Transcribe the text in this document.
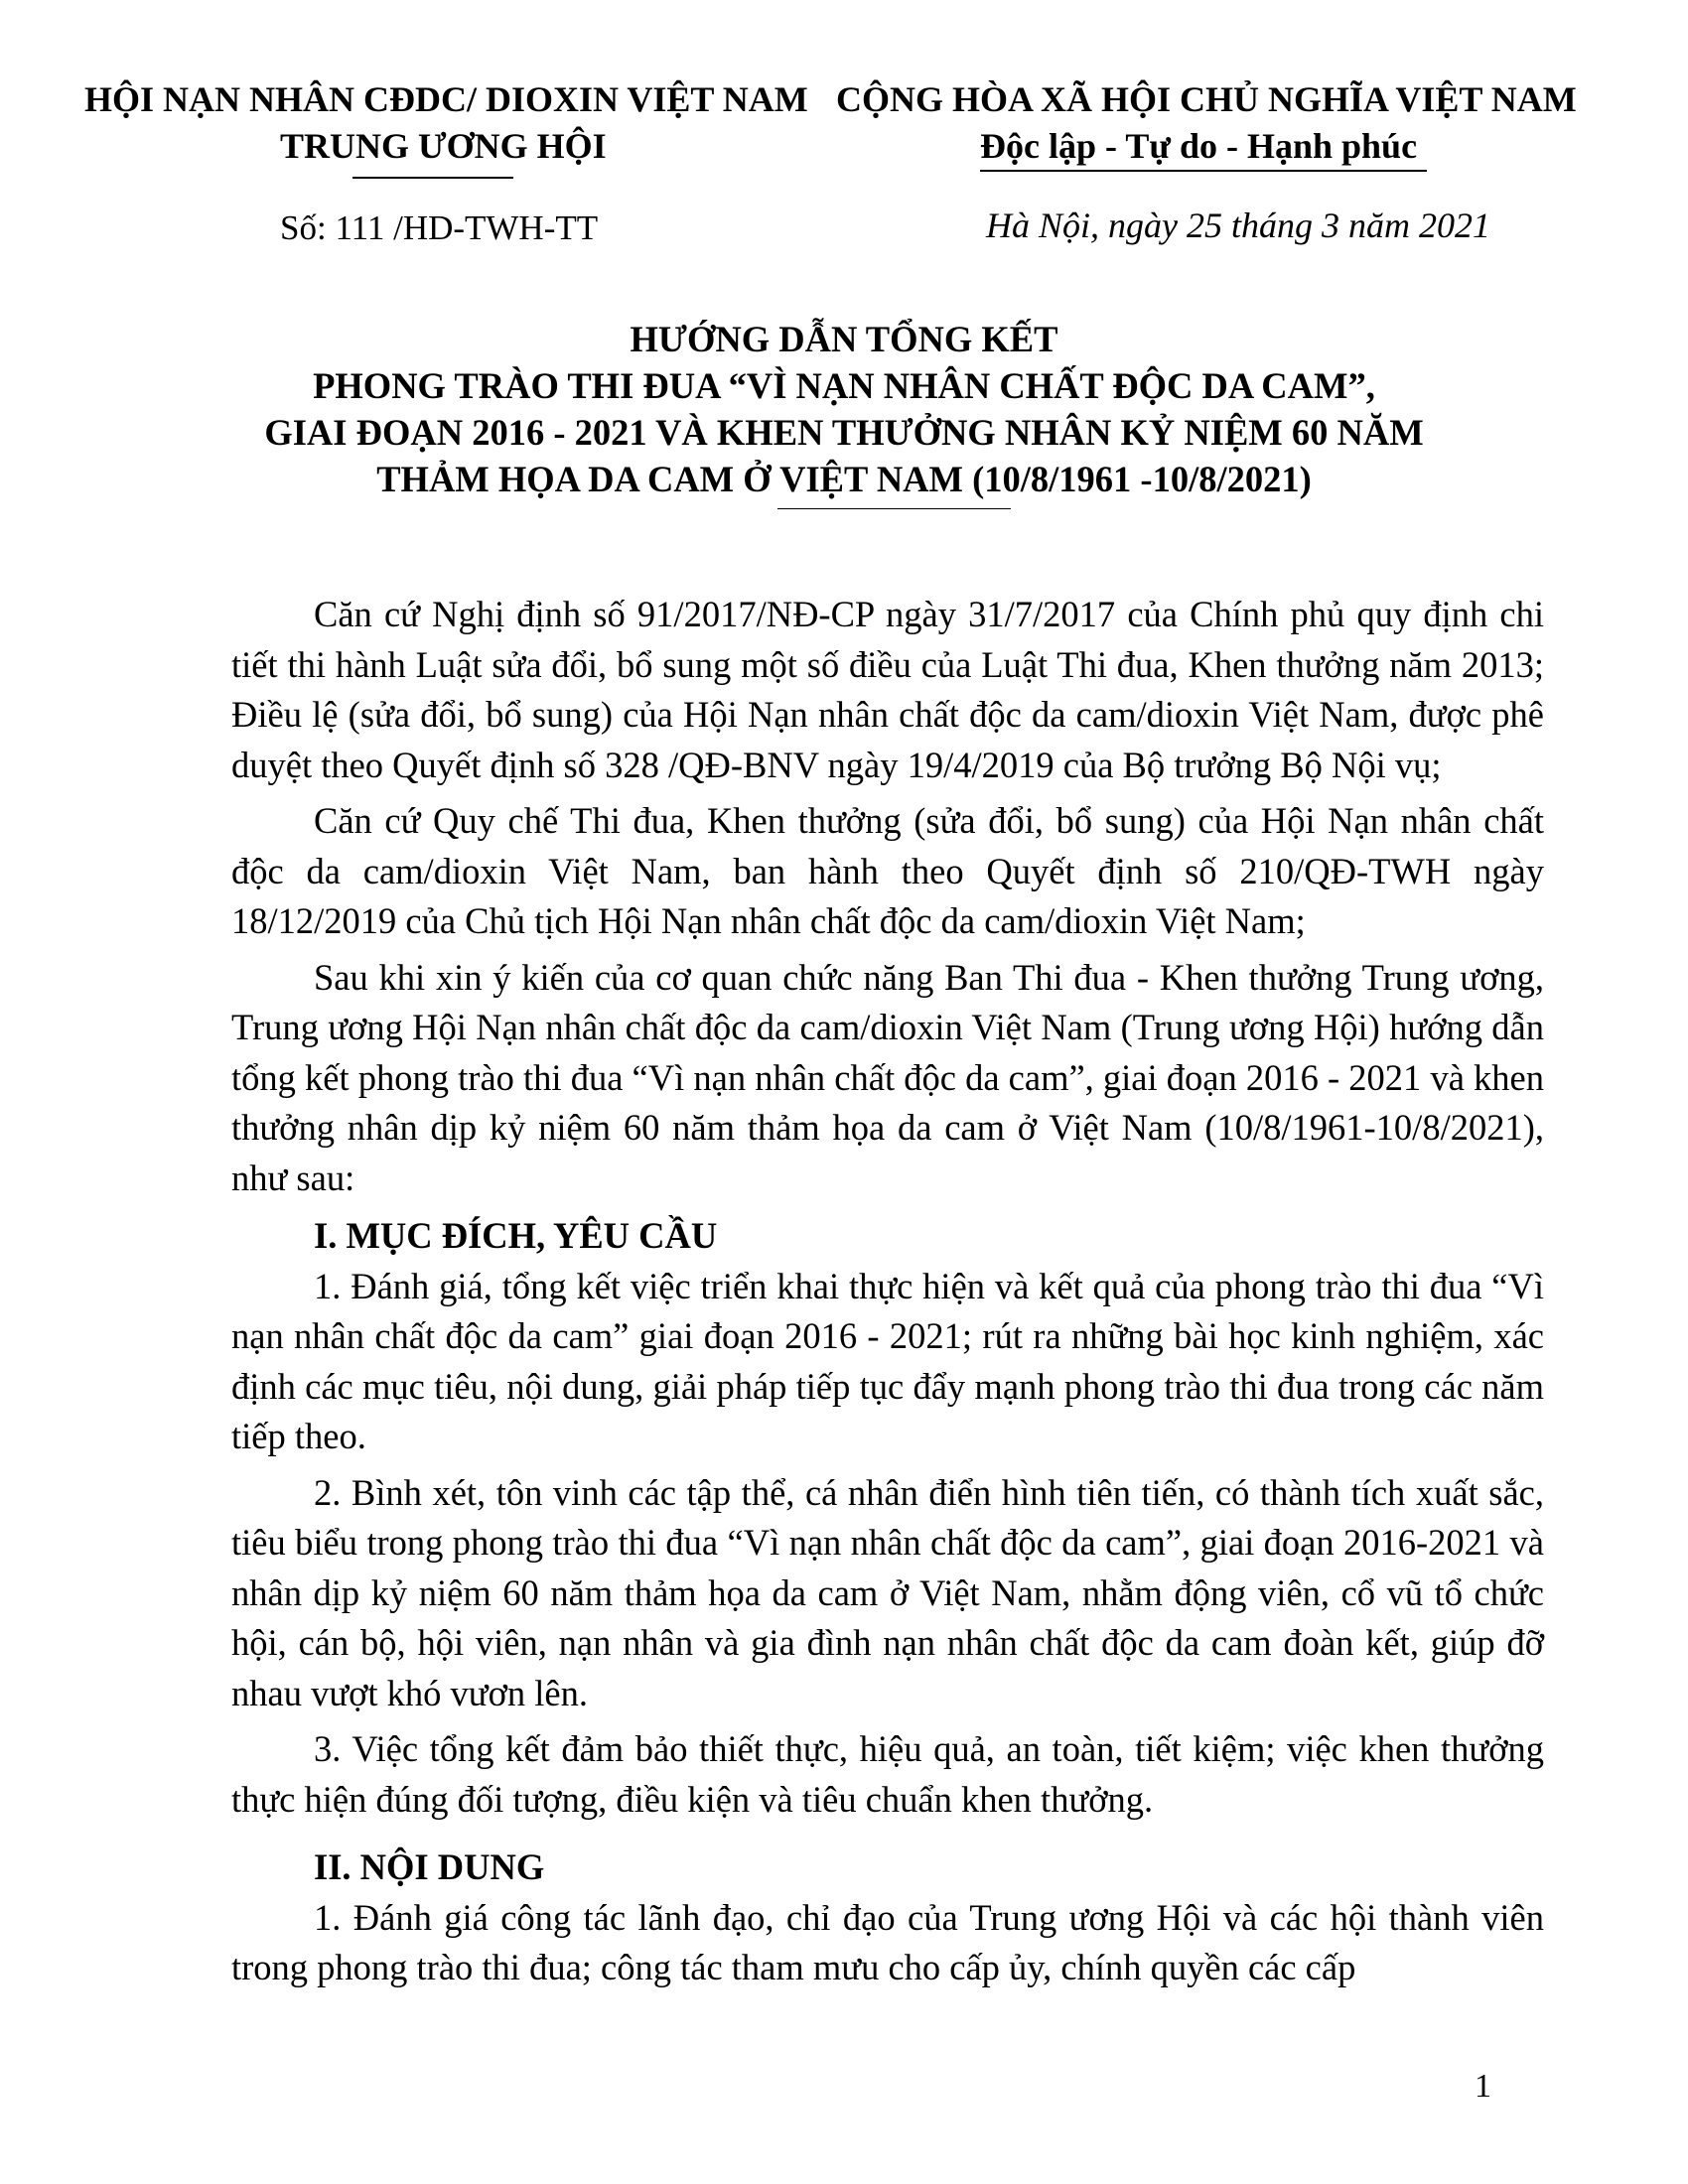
HỘI NẠN NHÂN CĐDC/ DIOXIN VIỆT NAM
TRUNG ƯƠNG HỘI
Số: 111 /HD-TWH-TT
CỘNG HÒA XÃ HỘI CHỦ NGHĨA VIỆT NAM
Độc lập - Tự do - Hạnh phúc
Hà Nội, ngày 25 tháng 3 năm 2021
HƯỚNG DẪN TỔNG KẾT
PHONG TRÀO THI ĐUA “VÌ NẠN NHÂN CHẤT ĐỘC DA CAM”,
GIAI ĐOẠN 2016 - 2021 VÀ KHEN THƯỞNG NHÂN KỶ NIỆM 60 NĂM
THẢM HỌA DA CAM Ở VIỆT NAM (10/8/1961 -10/8/2021)

Căn cứ Nghị định số 91/2017/NĐ-CP ngày 31/7/2017 của Chính phủ quy định chi tiết thi hành Luật sửa đổi, bổ sung một số điều của Luật Thi đua, Khen thưởng năm 2013; Điều lệ (sửa đổi, bổ sung) của Hội Nạn nhân chất độc da cam/dioxin Việt Nam, được phê duyệt theo Quyết định số 328 /QĐ-BNV ngày 19/4/2019 của Bộ trưởng Bộ Nội vụ;

Căn cứ Quy chế Thi đua, Khen thưởng (sửa đổi, bổ sung) của Hội Nạn nhân chất độc da cam/dioxin Việt Nam, ban hành theo Quyết định số 210/QĐ-TWH ngày 18/12/2019 của Chủ tịch Hội Nạn nhân chất độc da cam/dioxin Việt Nam;

Sau khi xin ý kiến của cơ quan chức năng Ban Thi đua - Khen thưởng Trung ương, Trung ương Hội Nạn nhân chất độc da cam/dioxin Việt Nam (Trung ương Hội) hướng dẫn tổng kết phong trào thi đua “Vì nạn nhân chất độc da cam”, giai đoạn 2016 - 2021 và khen thưởng nhân dịp kỷ niệm 60 năm thảm họa da cam ở Việt Nam (10/8/1961-10/8/2021), như sau:

I. MỤC ĐÍCH, YÊU CẦU

1. Đánh giá, tổng kết việc triển khai thực hiện và kết quả của phong trào thi đua “Vì nạn nhân chất độc da cam” giai đoạn 2016 - 2021; rút ra những bài học kinh nghiệm, xác định các mục tiêu, nội dung, giải pháp tiếp tục đẩy mạnh phong trào thi đua trong các năm tiếp theo.

2. Bình xét, tôn vinh các tập thể, cá nhân điển hình tiên tiến, có thành tích xuất sắc, tiêu biểu trong phong trào thi đua “Vì nạn nhân chất độc da cam”, giai đoạn 2016-2021 và nhân dịp kỷ niệm 60 năm thảm họa da cam ở Việt Nam, nhằm động viên, cổ vũ tổ chức hội, cán bộ, hội viên, nạn nhân và gia đình nạn nhân chất độc da cam đoàn kết, giúp đỡ nhau vượt khó vươn lên.

3. Việc tổng kết đảm bảo thiết thực, hiệu quả, an toàn, tiết kiệm; việc khen thưởng thực hiện đúng đối tượng, điều kiện và tiêu chuẩn khen thưởng.

II. NỘI DUNG

1. Đánh giá công tác lãnh đạo, chỉ đạo của Trung ương Hội và các hội thành viên trong phong trào thi đua; công tác tham mưu cho cấp ủy, chính quyền các cấp

1
